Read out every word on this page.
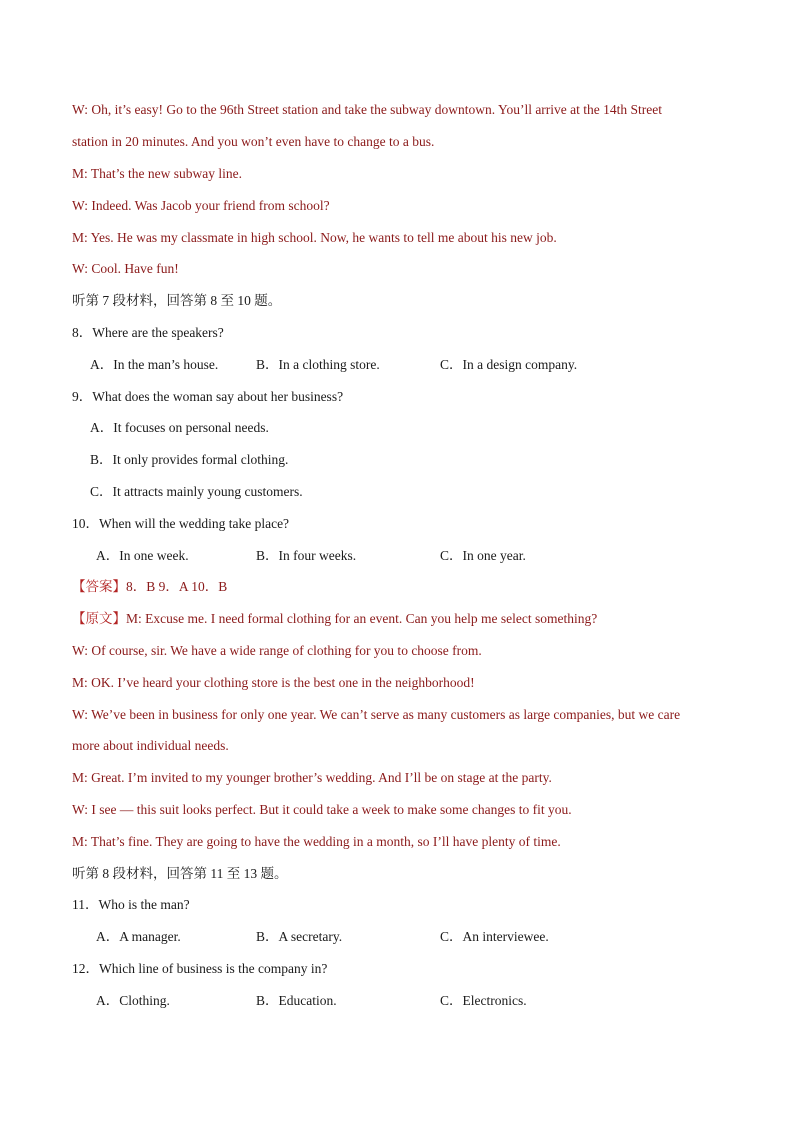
W: Oh, it’s easy! Go to the 96th Street station and take the subway downtown. You’ll arrive at the 14th Street
station in 20 minutes. And you won’t even have to change to a bus.
M: That’s the new subway line.
W: Indeed. Was Jacob your friend from school?
M: Yes. He was my classmate in high school. Now, he wants to tell me about his new job.
W: Cool. Have fun!
听第 7 段材料，回答第 8 至 10 题。
8．Where are the speakers?
A．In the man’s house.	B．In a clothing store.	C．In a design company.
9．What does the woman say about her business?
A．It focuses on personal needs.
B．It only provides formal clothing.
C．It attracts mainly young customers.
10．When will the wedding take place?
A．In one week.	B．In four weeks.	C．In one year.
【答案】8．B 9．A 10．B
【原文】M: Excuse me. I need formal clothing for an event. Can you help me select something?
W: Of course, sir. We have a wide range of clothing for you to choose from.
M: OK. I’ve heard your clothing store is the best one in the neighborhood!
W: We’ve been in business for only one year. We can’t serve as many customers as large companies, but we care
more about individual needs.
M: Great. I’m invited to my younger brother’s wedding. And I’ll be on stage at the party.
W: I see — this suit looks perfect. But it could take a week to make some changes to fit you.
M: That’s fine. They are going to have the wedding in a month, so I’ll have plenty of time.
听第 8 段材料，回答第 11 至 13 题。
11．Who is the man?
A．A manager.	B．A secretary.	C．An interviewee.
12．Which line of business is the company in?
A．Clothing.	B．Education.	C．Electronics.
